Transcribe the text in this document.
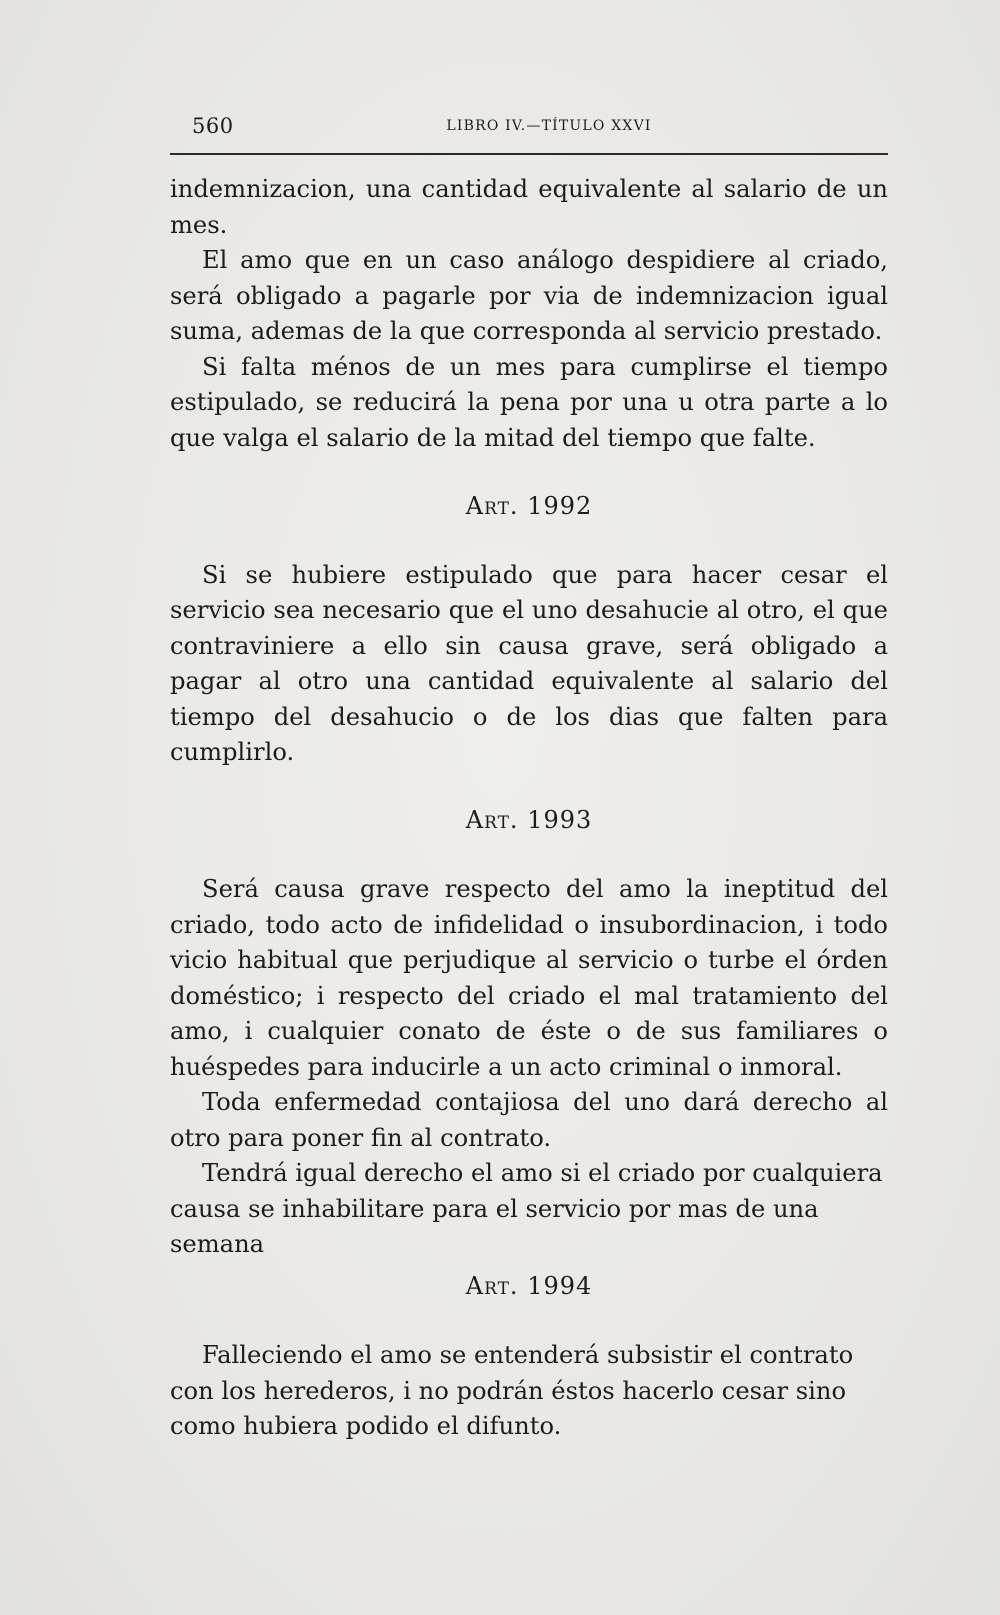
560	LIBRO IV.—TÍTULO XXVI

indemnizacion, una cantidad equivalente al salario de un mes.

El amo que en un caso análogo despidiere al criado, será obligado a pagarle por via de indemnizacion igual suma, ademas de la que corresponda al servicio prestado.

Si falta ménos de un mes para cumplirse el tiempo estipulado, se reducirá la pena por una u otra parte a lo que valga el salario de la mitad del tiempo que falte.

Art. 1992

Si se hubiere estipulado que para hacer cesar el servicio sea necesario que el uno desahucie al otro, el que contraviniere a ello sin causa grave, será obligado a pagar al otro una cantidad equivalente al salario del tiempo del desahucio o de los dias que falten para cumplirlo.

Art. 1993

Será causa grave respecto del amo la ineptitud del criado, todo acto de infidelidad o insubordinacion, i todo vicio habitual que perjudique al servicio o turbe el órden doméstico; i respecto del criado el mal tratamiento del amo, i cualquier conato de éste o de sus familiares o huéspedes para inducirle a un acto criminal o inmoral.

Toda enfermedad contajiosa del uno dará derecho al otro para poner fin al contrato.

Tendrá igual derecho el amo si el criado por cualquiera causa se inhabilitare para el servicio por mas de una semana

Art. 1994

Falleciendo el amo se entenderá subsistir el contrato con los herederos, i no podrán éstos hacerlo cesar sino como hubiera podido el difunto.
